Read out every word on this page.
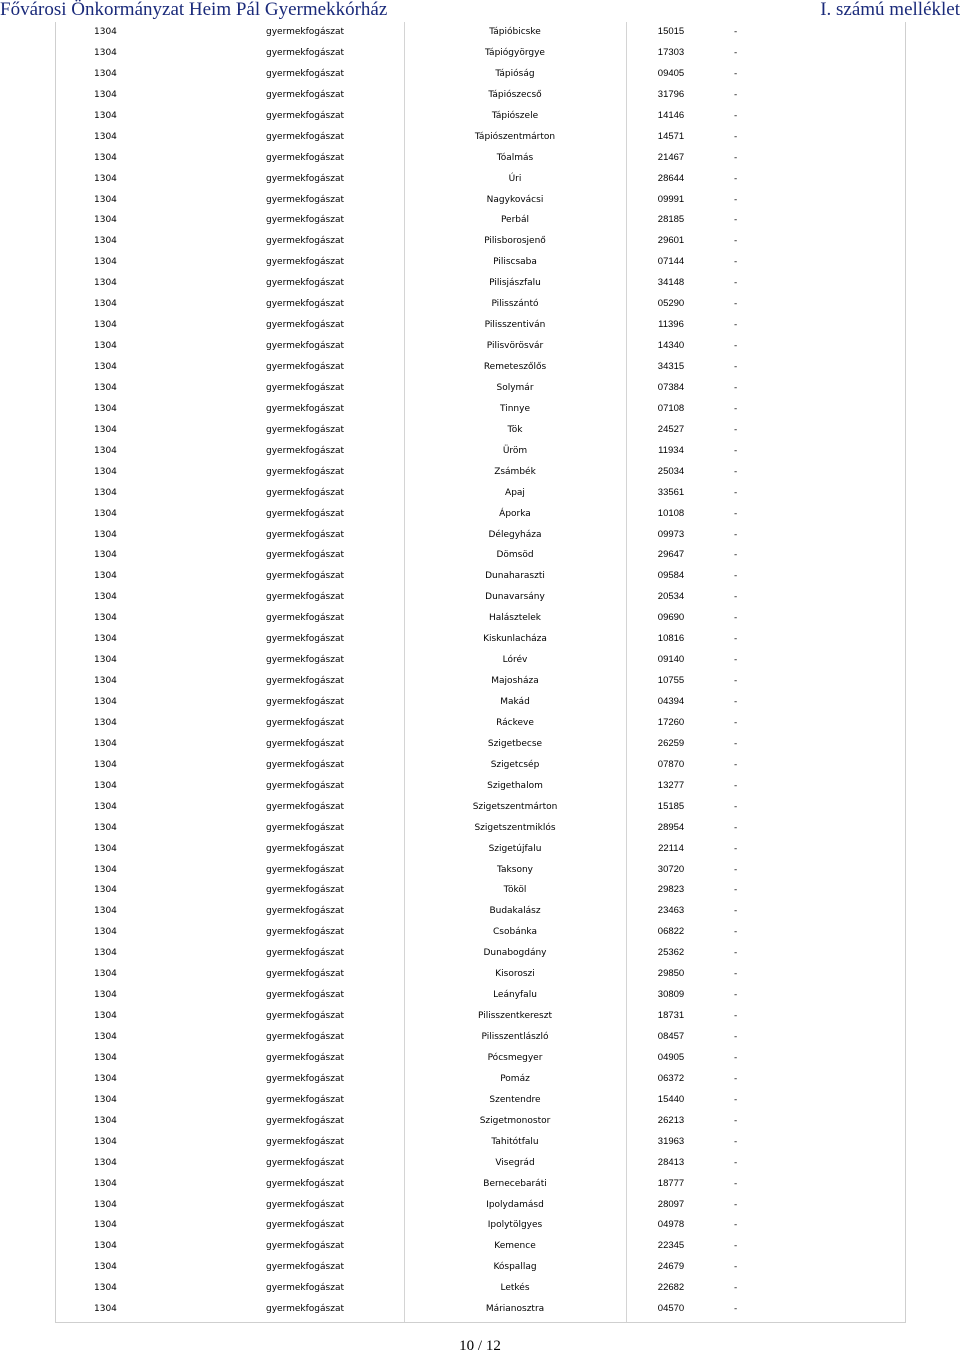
Fővárosi Önkormányzat Heim Pál Gyermekkórház	I. számú melléklet
1304	gyermekfogászat	Tápióbicske	15015	-
1304	gyermekfogászat	Tápiógyörgye	17303	-
1304	gyermekfogászat	Tápióság	09405	-
1304	gyermekfogászat	Tápiószecső	31796	-
1304	gyermekfogászat	Tápiószele	14146	-
1304	gyermekfogászat	Tápiószentmárton	14571	-
1304	gyermekfogászat	Tóalmás	21467	-
1304	gyermekfogászat	Úri	28644	-
1304	gyermekfogászat	Nagykovácsi	09991	-
1304	gyermekfogászat	Perbál	28185	-
1304	gyermekfogászat	Pilisborosjenő	29601	-
1304	gyermekfogászat	Piliscsaba	07144	-
1304	gyermekfogászat	Pilisjászfalu	34148	-
1304	gyermekfogászat	Pilisszántó	05290	-
1304	gyermekfogászat	Pilisszentiván	11396	-
1304	gyermekfogászat	Pilisvörösvár	14340	-
1304	gyermekfogászat	Remeteszőlős	34315	-
1304	gyermekfogászat	Solymár	07384	-
1304	gyermekfogászat	Tinnye	07108	-
1304	gyermekfogászat	Tök	24527	-
1304	gyermekfogászat	Üröm	11934	-
1304	gyermekfogászat	Zsámbék	25034	-
1304	gyermekfogászat	Apaj	33561	-
1304	gyermekfogászat	Áporka	10108	-
1304	gyermekfogászat	Délegyháza	09973	-
1304	gyermekfogászat	Dömsöd	29647	-
1304	gyermekfogászat	Dunaharaszti	09584	-
1304	gyermekfogászat	Dunavarsány	20534	-
1304	gyermekfogászat	Halásztelek	09690	-
1304	gyermekfogászat	Kiskunlacháza	10816	-
1304	gyermekfogászat	Lórév	09140	-
1304	gyermekfogászat	Majosháza	10755	-
1304	gyermekfogászat	Makád	04394	-
1304	gyermekfogászat	Ráckeve	17260	-
1304	gyermekfogászat	Szigetbecse	26259	-
1304	gyermekfogászat	Szigetcsép	07870	-
1304	gyermekfogászat	Szigethalom	13277	-
1304	gyermekfogászat	Szigetszentmárton	15185	-
1304	gyermekfogászat	Szigetszentmiklós	28954	-
1304	gyermekfogászat	Szigetújfalu	22114	-
1304	gyermekfogászat	Taksony	30720	-
1304	gyermekfogászat	Tököl	29823	-
1304	gyermekfogászat	Budakalász	23463	-
1304	gyermekfogászat	Csobánka	06822	-
1304	gyermekfogászat	Dunabogdány	25362	-
1304	gyermekfogászat	Kisoroszi	29850	-
1304	gyermekfogászat	Leányfalu	30809	-
1304	gyermekfogászat	Pilisszentkereszt	18731	-
1304	gyermekfogászat	Pilisszentlászló	08457	-
1304	gyermekfogászat	Pócsmegyer	04905	-
1304	gyermekfogászat	Pomáz	06372	-
1304	gyermekfogászat	Szentendre	15440	-
1304	gyermekfogászat	Szigetmonostor	26213	-
1304	gyermekfogászat	Tahitótfalu	31963	-
1304	gyermekfogászat	Visegrád	28413	-
1304	gyermekfogászat	Bernecebaráti	18777	-
1304	gyermekfogászat	Ipolydamásd	28097	-
1304	gyermekfogászat	Ipolytölgyes	04978	-
1304	gyermekfogászat	Kemence	22345	-
1304	gyermekfogászat	Kóspallag	24679	-
1304	gyermekfogászat	Letkés	22682	-
1304	gyermekfogászat	Márianosztra	04570	-
10 / 12
